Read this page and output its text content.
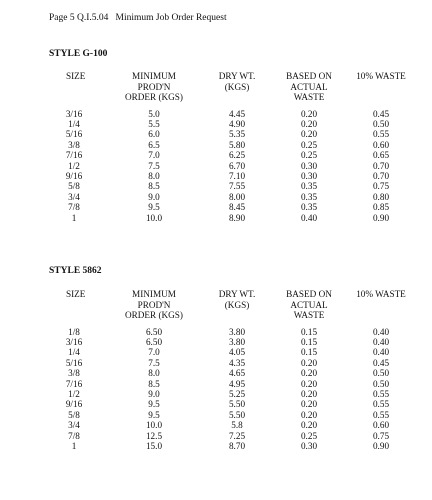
Page 5 Q.I.5.04   Minimum Job Order Request
STYLE G-100
SIZE	MINIMUM
PROD'N
ORDER (KGS)	DRY WT.
(KGS)	BASED ON
ACTUAL
WASTE	10% WASTE

3/16	5.0	4.45	0.20	0.45
1/4	5.5	4.90	0.20	0.50
5/16	6.0	5.35	0.20	0.55
3/8	6.5	5.80	0.25	0.60
7/16	7.0	6.25	0.25	0.65
1/2	7.5	6.70	0.30	0.70
9/16	8.0	7.10	0.30	0.70
5/8	8.5	7.55	0.35	0.75
3/4	9.0	8.00	0.35	0.80
7/8	9.5	8.45	0.35	0.85
1	10.0	8.90	0.40	0.90
STYLE 5862
SIZE	MINIMUM
PROD'N
ORDER (KGS)	DRY WT.
(KGS)	BASED ON
ACTUAL
WASTE	10% WASTE

1/8	6.50	3.80	0.15	0.40
3/16	6.50	3.80	0.15	0.40
1/4	7.0	4.05	0.15	0.40
5/16	7.5	4.35	0.20	0.45
3/8	8.0	4.65	0.20	0.50
7/16	8.5	4.95	0.20	0.50
1/2	9.0	5.25	0.20	0.55
9/16	9.5	5.50	0.20	0.55
5/8	9.5	5.50	0.20	0.55
3/4	10.0	5.8	0.20	0.60
7/8	12.5	7.25	0.25	0.75
1	15.0	8.70	0.30	0.90
